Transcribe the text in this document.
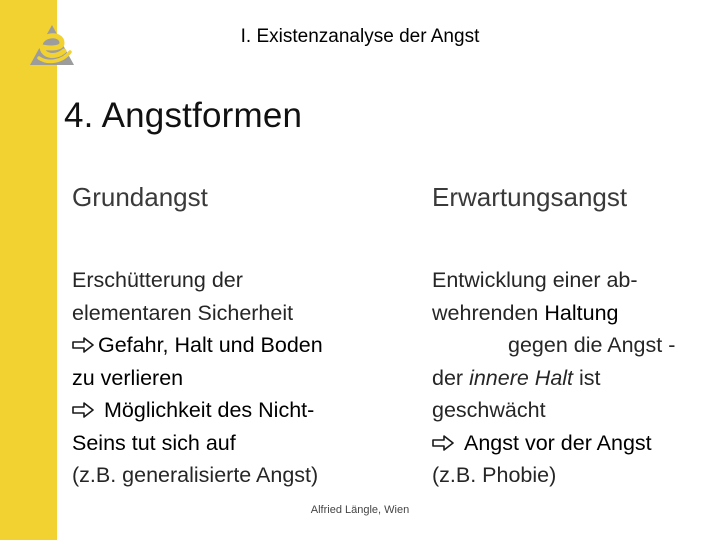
I. Existenzanalyse der Angst
4. Angstformen
Grundangst
Erschütterung der
elementaren Sicherheit
Gefahr, Halt und Boden
zu verlieren
Möglichkeit des Nicht-
Seins tut sich auf
(z.B. generalisierte Angst)
Erwartungsangst
Entwicklung einer ab-
wehrenden Haltung
gegen die Angst -
der innere Halt ist
geschwächt
Angst vor der Angst
(z.B. Phobie)
Alfried Längle, Wien
